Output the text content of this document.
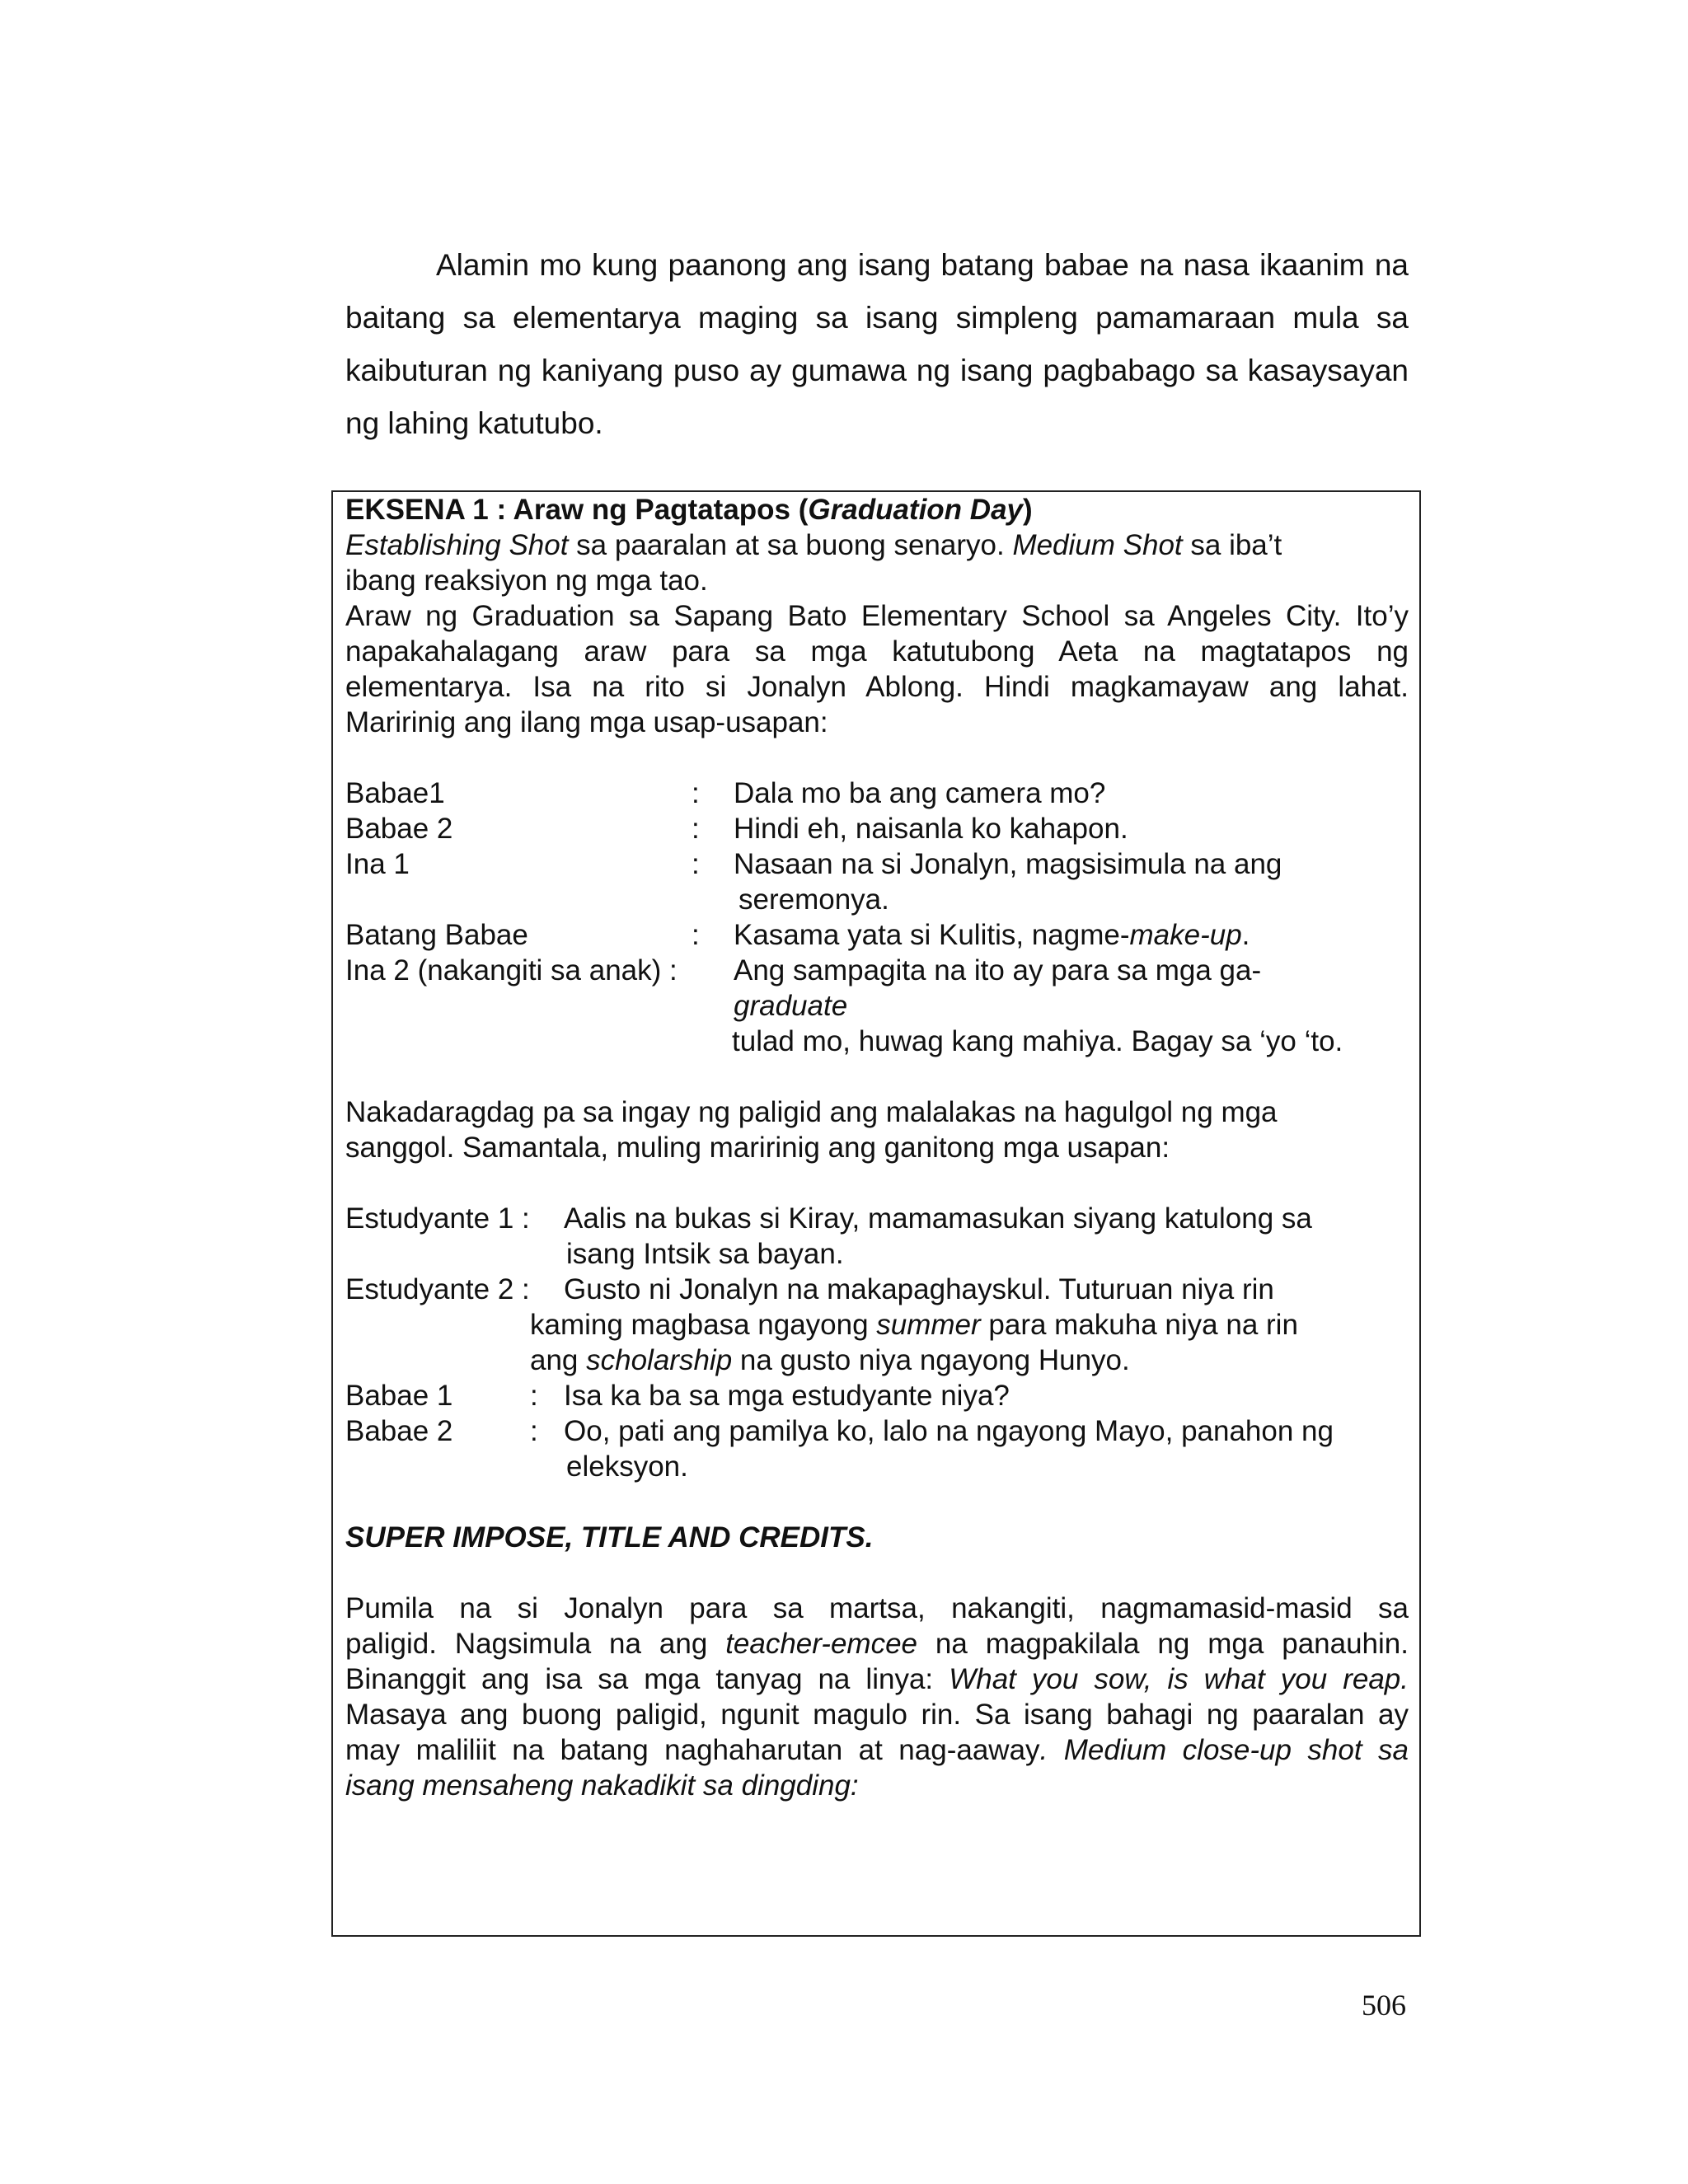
Alamin mo kung paanong ang isang batang babae na nasa ikaanim na
baitang sa elementarya maging sa isang simpleng pamamaraan mula sa
kaibuturan ng kaniyang puso ay gumawa ng isang pagbabago sa kasaysayan
ng lahing katutubo.

EKSENA 1 : Araw ng Pagtatapos (Graduation Day)

Establishing Shot sa paaralan at sa buong senaryo. Medium Shot sa iba’t

ibang reaksiyon ng mga tao.

Araw ng Graduation sa Sapang Bato Elementary School sa Angeles City. Ito’y

napakahalagang araw para sa mga katutubong Aeta na magtatapos ng

elementarya. Isa na rito si Jonalyn Ablong. Hindi magkamayaw ang lahat.

Maririnig ang ilang mga usap-usapan:

Babae1	: Dala mo ba ang camera mo?
Babae 2	: Hindi eh, naisanla ko kahapon.
Ina 1	: Nasaan na si Jonalyn, magsisimula na ang
seremonya.
Batang Babae	: Kasama yata si Kulitis, nagme-make-up.
Ina 2 (nakangiti sa anak) : Ang sampagita na ito ay para sa mga ga-
graduate
tulad mo, huwag kang mahiya. Bagay sa ‘yo ‘to.

Nakadaragdag pa sa ingay ng paligid ang malalakas na hagulgol ng mga

sanggol. Samantala, muling maririnig ang ganitong mga usapan:

Estudyante 1 : Aalis na bukas si Kiray, mamamasukan siyang katulong sa
isang Intsik sa bayan.
Estudyante 2 : Gusto ni Jonalyn na makapaghayskul. Tuturuan niya rin
kaming magbasa ngayong summer para makuha niya na rin
ang scholarship na gusto niya ngayong Hunyo.
Babae 1	: Isa ka ba sa mga estudyante niya?
Babae 2	: Oo, pati ang pamilya ko, lalo na ngayong Mayo, panahon ng
eleksyon.

SUPER IMPOSE, TITLE AND CREDITS.

Pumila na si Jonalyn para sa martsa, nakangiti, nagmamasid-masid sa

paligid. Nagsimula na ang teacher-emcee na magpakilala ng mga panauhin.

Binanggit ang isa sa mga tanyag na linya: What you sow, is what you reap.

Masaya ang buong paligid, ngunit magulo rin. Sa isang bahagi ng paaralan ay

may maliliit na batang naghaharutan at nag-aaway. Medium close-up shot sa

isang mensaheng nakadikit sa dingding:

506
